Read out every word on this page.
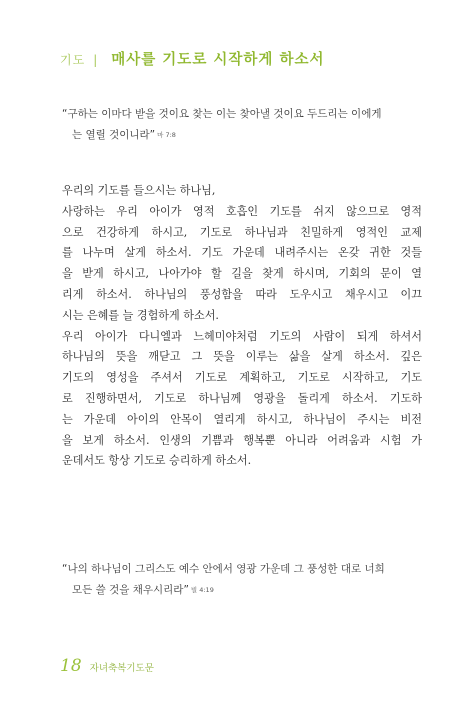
기도 | 매사를 기도로 시작하게 하소서
“구하는 이마다 받을 것이요 찾는 이는 찾아낼 것이요 두드리는 이에게
는 열릴 것이니라” 마 7:8
우리의 기도를 들으시는 하나님,
사랑하는 우리 아이가 영적 호흡인 기도를 쉬지 않으므로 영적
으로 건강하게 하시고, 기도로 하나님과 친밀하게 영적인 교제
를 나누며 살게 하소서. 기도 가운데 내려주시는 온갖 귀한 것들
을 받게 하시고, 나아가야 할 길을 찾게 하시며, 기회의 문이 열
리게 하소서. 하나님의 풍성함을 따라 도우시고 채우시고 이끄
시는 은혜를 늘 경험하게 하소서.
우리 아이가 다니엘과 느헤미야처럼 기도의 사람이 되게 하셔서
하나님의 뜻을 깨닫고 그 뜻을 이루는 삶을 살게 하소서. 깊은
기도의 영성을 주셔서 기도로 계획하고, 기도로 시작하고, 기도
로 진행하면서, 기도로 하나님께 영광을 돌리게 하소서. 기도하
는 가운데 아이의 안목이 열리게 하시고, 하나님이 주시는 비전
을 보게 하소서. 인생의 기쁨과 행복뿐 아니라 어려움과 시험 가
운데서도 항상 기도로 승리하게 하소서.
“나의 하나님이 그리스도 예수 안에서 영광 가운데 그 풍성한 대로 너희
모든 쓸 것을 채우시리라” 빌 4:19
18 자녀축복기도문
